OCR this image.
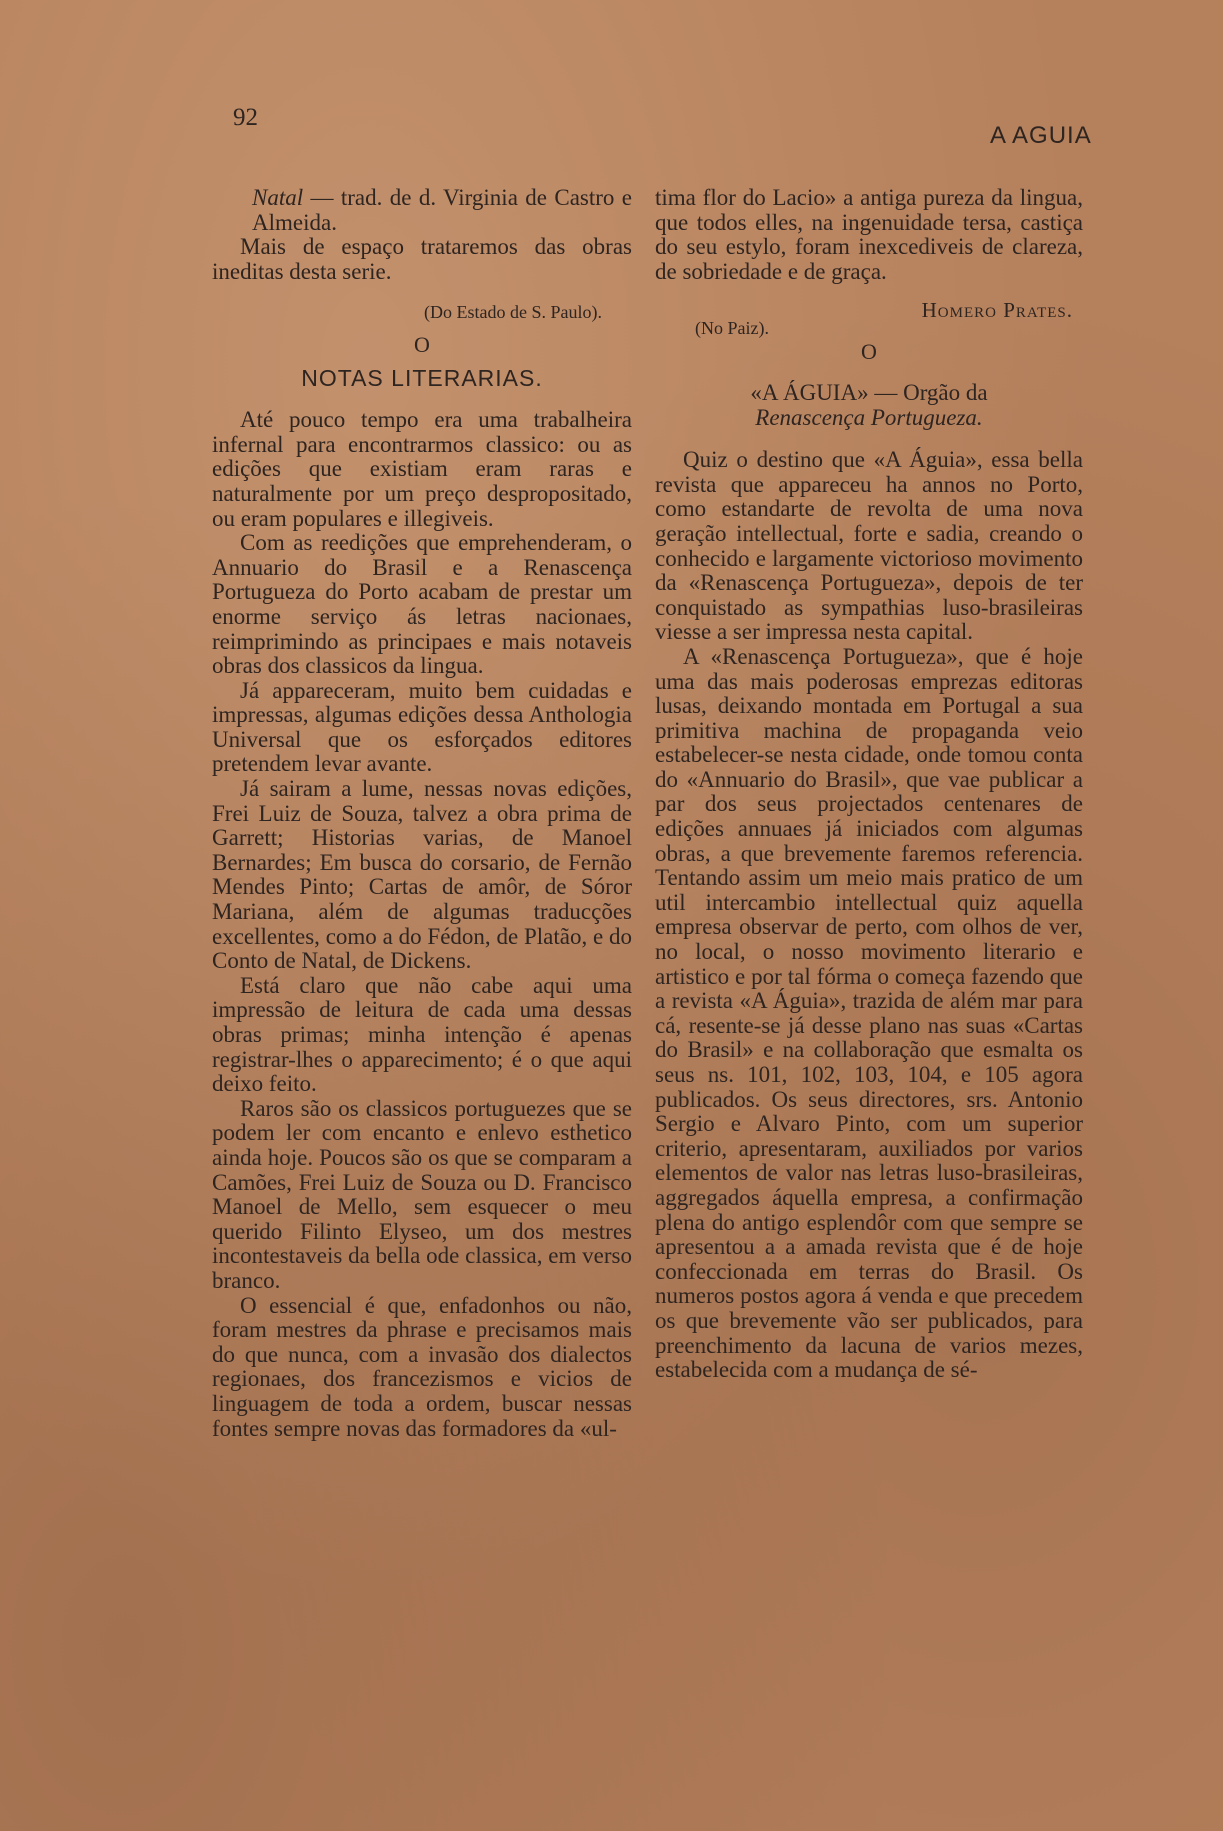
92
A AGUIA

Natal — trad. de d. Virginia de Castro e Almeida.

Mais de espaço trataremos das obras ineditas desta serie.

(Do Estado de S. Paulo).
O
NOTAS LITERARIAS.

Até pouco tempo era uma trabalheira infernal para encontrarmos classico: ou as edições que existiam eram raras e naturalmente por um preço despropositado, ou eram populares e illegiveis.

Com as reedições que emprehenderam, o Annuario do Brasil e a Renascença Portugueza do Porto acabam de prestar um enorme serviço ás letras nacionaes, reimprimindo as principaes e mais notaveis obras dos classicos da lingua.

Já appareceram, muito bem cuidadas e impressas, algumas edições dessa Anthologia Universal que os esforçados editores pretendem levar avante.

Já sairam a lume, nessas novas edições, Frei Luiz de Souza, talvez a obra prima de Garrett; Historias varias, de Manoel Bernardes; Em busca do corsario, de Fernão Mendes Pinto; Cartas de amôr, de Sóror Mariana, além de algumas traducções excellentes, como a do Fédon, de Platão, e do Conto de Natal, de Dickens.

Está claro que não cabe aqui uma impressão de leitura de cada uma dessas obras primas; minha intenção é apenas registrar-lhes o apparecimento; é o que aqui deixo feito.

Raros são os classicos portuguezes que se podem ler com encanto e enlevo esthetico ainda hoje. Poucos são os que se comparam a Camões, Frei Luiz de Souza ou D. Francisco Manoel de Mello, sem esquecer o meu querido Filinto Elyseo, um dos mestres incontestaveis da bella ode classica, em verso branco.

O essencial é que, enfadonhos ou não, foram mestres da phrase e precisamos mais do que nunca, com a invasão dos dialectos regionaes, dos francezismos e vicios de linguagem de toda a ordem, buscar nessas fontes sempre novas das formadores da «ul-

tima flor do Lacio» a antiga pureza da lingua, que todos elles, na ingenuidade tersa, castiça do seu estylo, foram inexcediveis de clareza, de sobriedade e de graça.

(No Paiz).
Homero Prates.
O
«A ÁGUIA» — Orgão da
Renascença Portugueza.

Quiz o destino que «A Águia», essa bella revista que appareceu ha annos no Porto, como estandarte de revolta de uma nova geração intellectual, forte e sadia, creando o conhecido e largamente victorioso movimento da «Renascença Portugueza», depois de ter conquistado as sympathias luso-brasileiras viesse a ser impressa nesta capital.

A «Renascença Portugueza», que é hoje uma das mais poderosas emprezas editoras lusas, deixando montada em Portugal a sua primitiva machina de propaganda veio estabelecer-se nesta cidade, onde tomou conta do «Annuario do Brasil», que vae publicar a par dos seus projectados centenares de edições annuaes já iniciados com algumas obras, a que brevemente faremos referencia. Tentando assim um meio mais pratico de um util intercambio intellectual quiz aquella empresa observar de perto, com olhos de ver, no local, o nosso movimento literario e artistico e por tal fórma o começa fazendo que a revista «A Águia», trazida de além mar para cá, resente-se já desse plano nas suas «Cartas do Brasil» e na collaboração que esmalta os seus ns. 101, 102, 103, 104, e 105 agora publicados. Os seus directores, srs. Antonio Sergio e Alvaro Pinto, com um superior criterio, apresentaram, auxiliados por varios elementos de valor nas letras luso-brasileiras, aggregados áquella empresa, a confirmação plena do antigo esplendôr com que sempre se apresentou a a amada revista que é de hoje confeccionada em terras do Brasil. Os numeros postos agora á venda e que precedem os que brevemente vão ser publicados, para preenchimento da lacuna de varios mezes, estabelecida com a mudança de sé-
